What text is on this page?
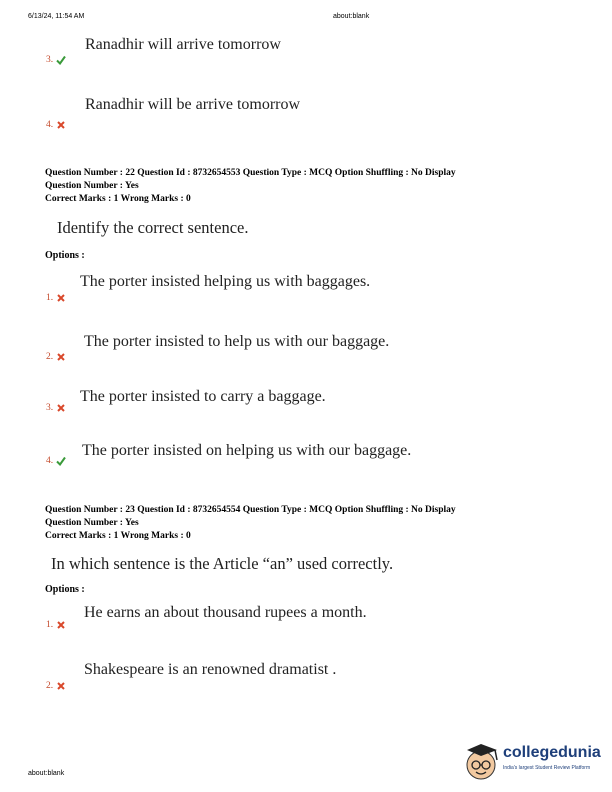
6/13/24, 11:54 AM	about:blank
Ranadhir will arrive tomorrow
3.
Ranadhir will be arrive tomorrow
4.
Question Number : 22 Question Id : 8732654553 Question Type : MCQ Option Shuffling : No Display
Question Number : Yes
Correct Marks : 1 Wrong Marks : 0
Identify the correct sentence.
Options :
The porter insisted helping us with baggages.
1.
The porter insisted to help us with our baggage.
2.
The porter insisted to carry a baggage.
3.
The porter insisted on helping us with our baggage.
4.
Question Number : 23 Question Id : 8732654554 Question Type : MCQ Option Shuffling : No Display
Question Number : Yes
Correct Marks : 1 Wrong Marks : 0
In which sentence is the Article “an” used correctly.
Options :
He earns an about thousand rupees a month.
1.
Shakespeare is an renowned dramatist .
2.
about:blank
collegedunia
India's largest Student Review Platform
